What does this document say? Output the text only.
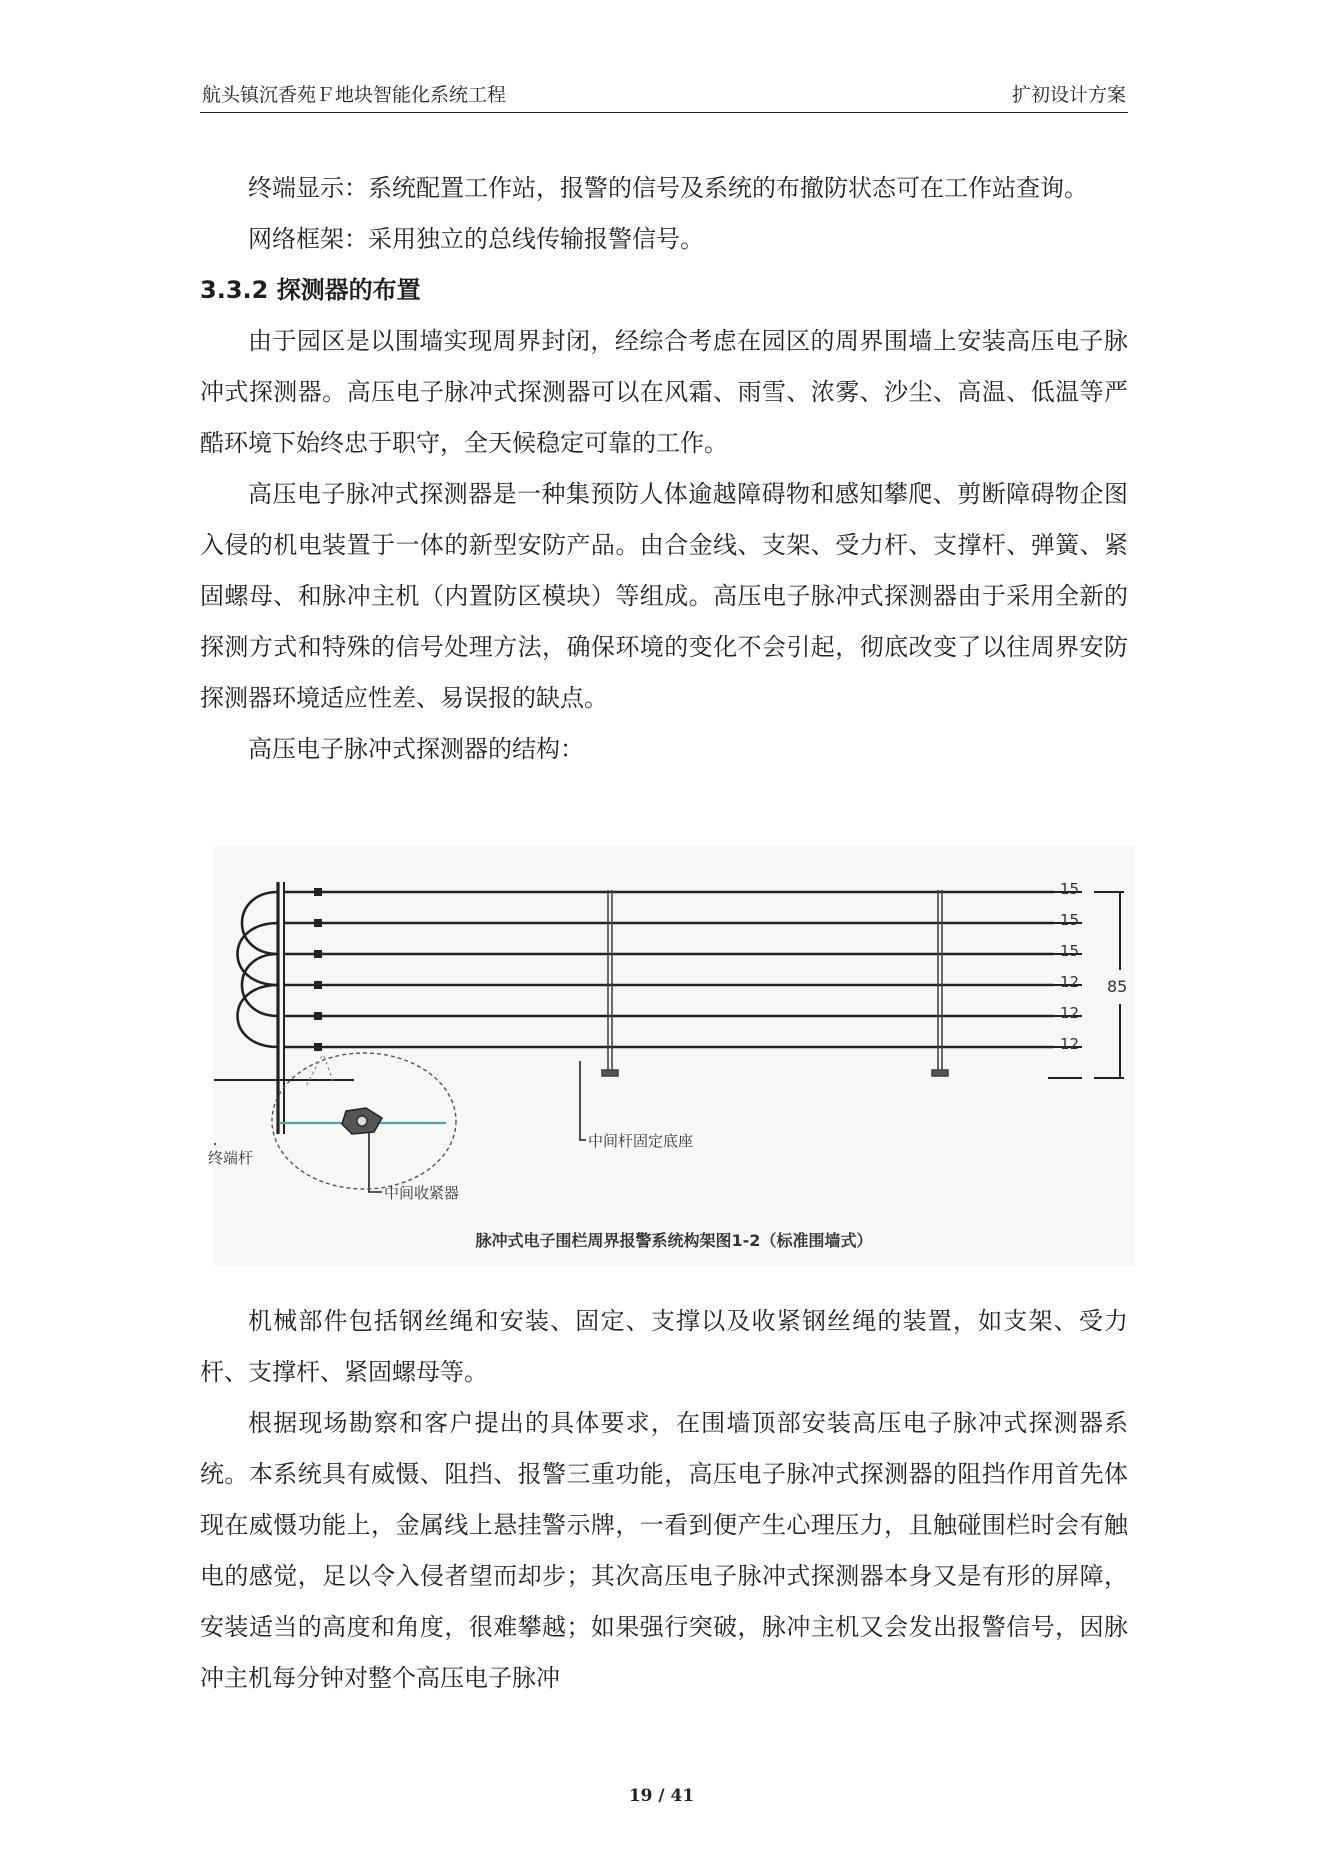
航头镇沉香苑Ｆ地块智能化系统工程	扩初设计方案

终端显示：系统配置工作站，报警的信号及系统的布撤防状态可在工作站查询。

网络框架：采用独立的总线传输报警信号。

3.3.2 探测器的布置

由于园区是以围墙实现周界封闭，经综合考虑在园区的周界围墙上安装高压电子脉冲式探测器。高压电子脉冲式探测器可以在风霜、雨雪、浓雾、沙尘、高温、低温等严酷环境下始终忠于职守，全天候稳定可靠的工作。

高压电子脉冲式探测器是一种集预防人体逾越障碍物和感知攀爬、剪断障碍物企图入侵的机电装置于一体的新型安防产品。由合金线、支架、受力杆、支撑杆、弹簧、紧固螺母、和脉冲主机（内置防区模块）等组成。高压电子脉冲式探测器由于采用全新的探测方式和特殊的信号处理方法，确保环境的变化不会引起，彻底改变了以往周界安防探测器环境适应性差、易误报的缺点。

高压电子脉冲式探测器的结构：

15
15
15
12
12
12
85
终端杆
中间杆固定底座
中间收紧器
脉冲式电子围栏周界报警系统构架图1-2（标准围墙式）

机械部件包括钢丝绳和安装、固定、支撑以及收紧钢丝绳的装置，如支架、受力杆、支撑杆、紧固螺母等。

根据现场勘察和客户提出的具体要求，在围墙顶部安装高压电子脉冲式探测器系统。本系统具有威慑、阻挡、报警三重功能，高压电子脉冲式探测器的阻挡作用首先体现在威慑功能上，金属线上悬挂警示牌，一看到便产生心理压力，且触碰围栏时会有触电的感觉，足以令入侵者望而却步；其次高压电子脉冲式探测器本身又是有形的屏障，安装适当的高度和角度，很难攀越；如果强行突破，脉冲主机又会发出报警信号，因脉冲主机每分钟对整个高压电子脉冲

19 / 41
